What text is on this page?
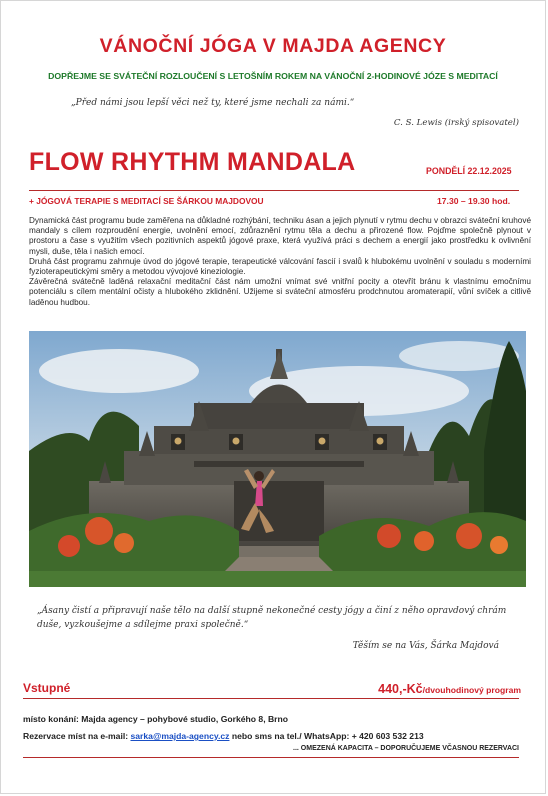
VÁNOČNÍ JÓGA V MAJDA AGENCY
DOPŘEJME SE SVÁTEČNÍ ROZLOUČENÍ S LETOŠNÍM ROKEM NA VÁNOČNÍ 2-HODINOVÉ JÓZE S MEDITACÍ
„Před námi jsou lepší věci než ty, které jsme nechali za námi.“
C. S. Lewis (irský spisovatel)
FLOW RHYTHM MANDALA	PONDĚLÍ 22.12.2025
+ JÓGOVÁ TERAPIE S MEDITACÍ SE ŠÁRKOU MAJDOVOU	17.30 – 19.30 hod.

Dynamická část programu bude zaměřena na důkladné rozhýbání, techniku ásan a jejich plynutí v rytmu dechu v obrazci sváteční kruhové mandaly s cílem rozproudění energie, uvolnění emocí, zdůraznění rytmu těla a dechu a přirozené flow. Pojďme společně plynout v prostoru a čase s využitím všech pozitivních aspektů jógové praxe, která využívá práci s dechem a energií jako prostředku k ovlivnění mysli, duše, těla i našich emocí.

Druhá část programu zahrnuje úvod do jógové terapie, terapeutické válcování fascií i svalů k hlubokému uvolnění v souladu s moderními fyzioterapeutickými směry a metodou vývojové kineziologie.

Závěrečná svátečně laděná relaxační meditační část nám umožní vnímat své vnitřní pocity a otevřít bránu k vlastnímu emočnímu potenciálu s cílem mentální očisty a hlubokého zklidnění. Užijeme si sváteční atmosféru prodchnutou aromaterapií, vůní svíček a citlivě laděnou hudbou.

„Ásany čistí a připravují naše tělo na další stupně nekonečné cesty jógy a činí z něho opravdový chrám duše, vyzkoušejme a sdílejme praxi společně.“
Těším se na Vás, Šárka Majdová
Vstupné	440,-Kč/dvouhodinový program
místo konání: Majda agency – pohybové studio, Gorkého 8, Brno
Rezervace míst na e-mail: sarka@majda-agency.cz nebo sms na tel./ WhatsApp: + 420 603 532 213
... OMEZENÁ KAPACITA – DOPORUČUJEME VČASNOU REZERVACI
